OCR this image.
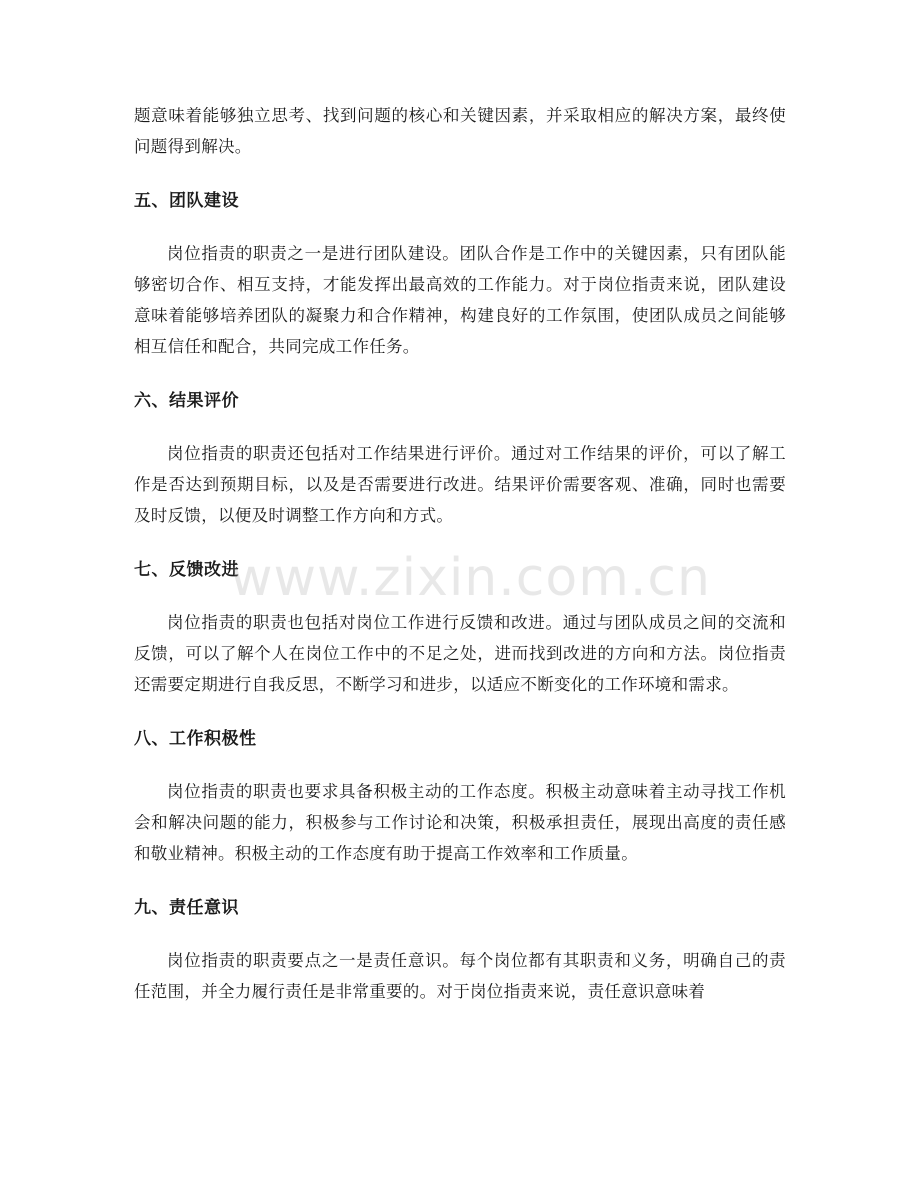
题意味着能够独立思考、找到问题的核心和关键因素，并采取相应的解决方案，最终使问题得到解决。

五、团队建设

岗位指责的职责之一是进行团队建设。团队合作是工作中的关键因素，只有团队能够密切合作、相互支持，才能发挥出最高效的工作能力。对于岗位指责来说，团队建设意味着能够培养团队的凝聚力和合作精神，构建良好的工作氛围，使团队成员之间能够相互信任和配合，共同完成工作任务。

六、结果评价

岗位指责的职责还包括对工作结果进行评价。通过对工作结果的评价，可以了解工作是否达到预期目标，以及是否需要进行改进。结果评价需要客观、准确，同时也需要及时反馈，以便及时调整工作方向和方式。

七、反馈改进

岗位指责的职责也包括对岗位工作进行反馈和改进。通过与团队成员之间的交流和反馈，可以了解个人在岗位工作中的不足之处，进而找到改进的方向和方法。岗位指责还需要定期进行自我反思，不断学习和进步，以适应不断变化的工作环境和需求。

八、工作积极性

岗位指责的职责也要求具备积极主动的工作态度。积极主动意味着主动寻找工作机会和解决问题的能力，积极参与工作讨论和决策，积极承担责任，展现出高度的责任感和敬业精神。积极主动的工作态度有助于提高工作效率和工作质量。

九、责任意识

岗位指责的职责要点之一是责任意识。每个岗位都有其职责和义务，明确自己的责任范围，并全力履行责任是非常重要的。对于岗位指责来说，责任意识意味着

www.zixin.com.cn
